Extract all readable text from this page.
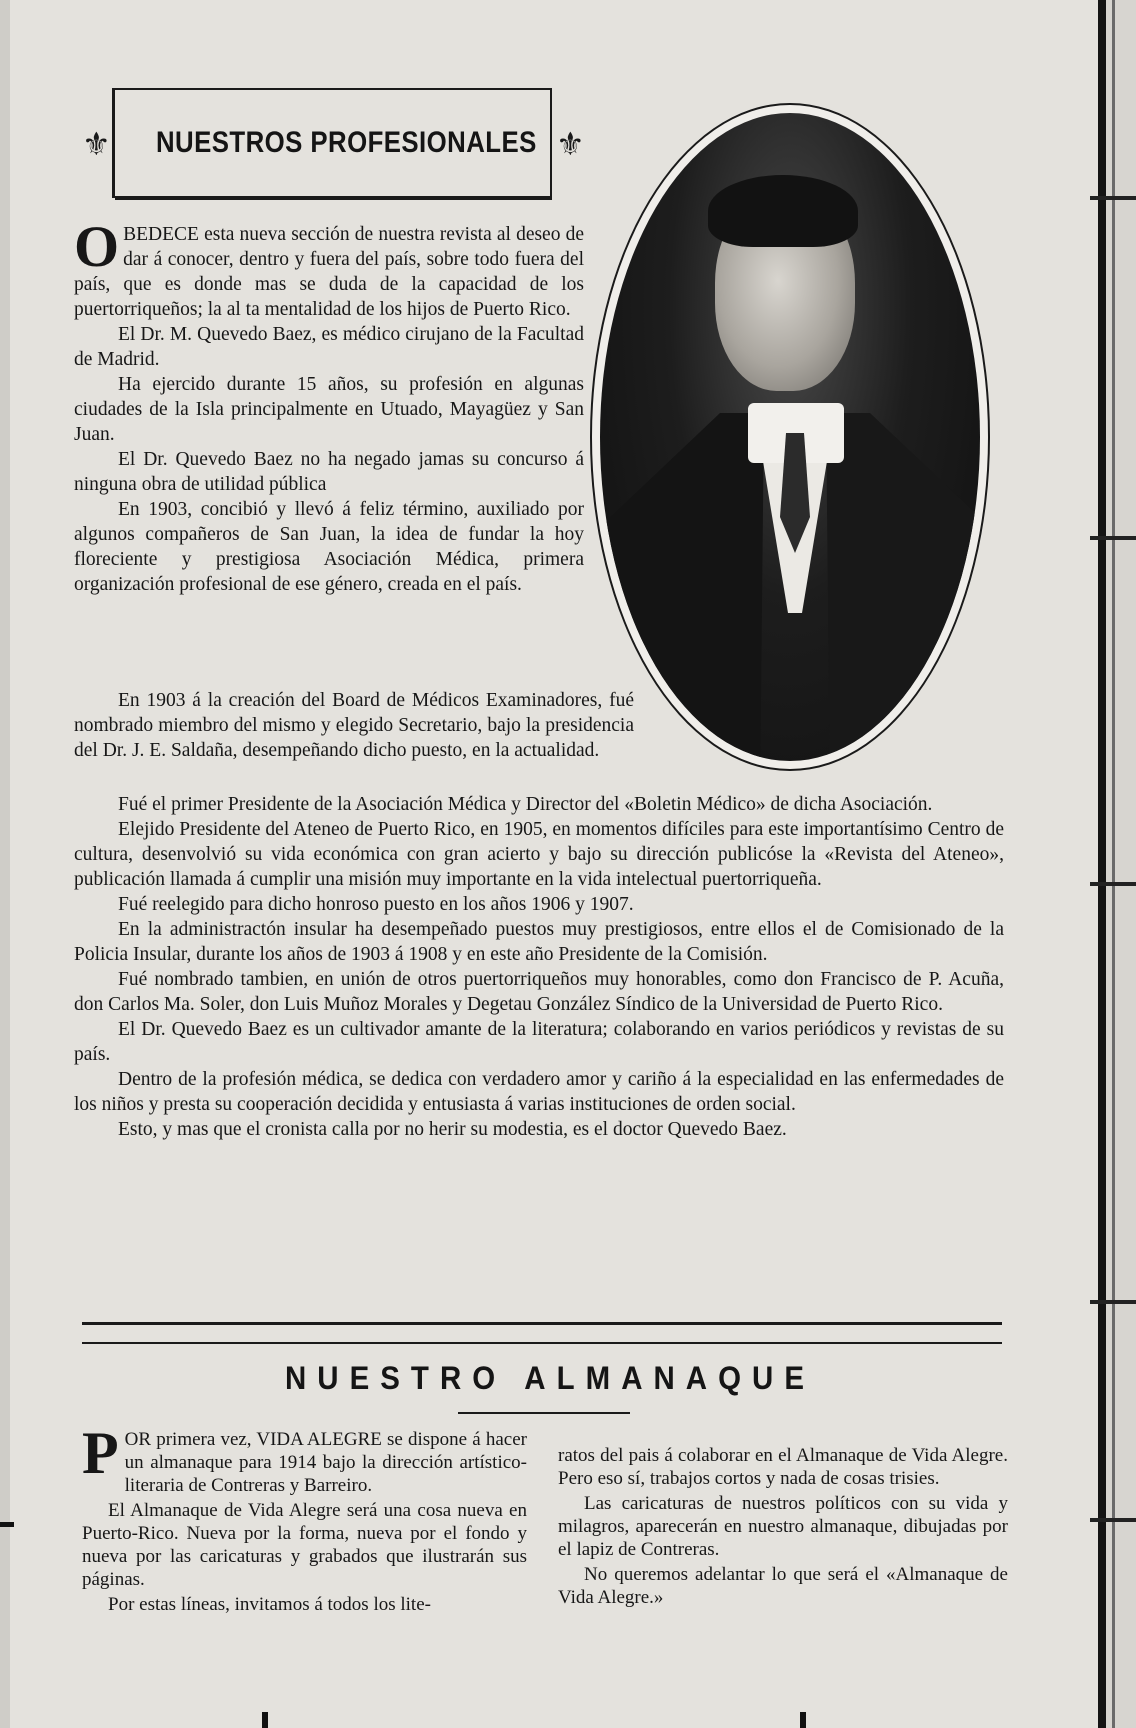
⚜	⚜
NUESTROS PROFESIONALES

OBEDECE esta nueva sección de nuestra revista al deseo de dar á conocer, dentro y fuera del país, sobre todo fuera del país, que es donde mas se duda de la capacidad de los puertorriqueños; la al ta mentalidad de los hijos de Puerto Rico.

El Dr. M. Quevedo Baez, es médico cirujano de la Facultad de Madrid.

Ha ejercido durante 15 años, su profesión en algunas ciudades de la Isla principalmente en Utuado, Mayagüez y San Juan.

El Dr. Quevedo Baez no ha negado jamas su concurso á ninguna obra de utilidad pública

En 1903, concibió y llevó á feliz término, auxiliado por algunos compañeros de San Juan, la idea de fundar la hoy floreciente y prestigiosa Asociación Médica, primera organización profesional de ese género, creada en el país.

En 1903 á la creación del Board de Médicos Examinadores, fué nombrado miembro del mismo y elegido Secretario, bajo la presidencia del Dr. J. E. Saldaña, desempeñando dicho puesto, en la actualidad.

Fué el primer Presidente de la Asociación Médica y Director del «Boletin Médico» de dicha Asociación.

Elejido Presidente del Ateneo de Puerto Rico, en 1905, en momentos difíciles para este importantísimo Centro de cultura, desenvolvió su vida económica con gran acierto y bajo su dirección publicóse la «Revista del Ateneo», publicación llamada á cumplir una misión muy importante en la vida intelectual puertorriqueña.

Fué reelegido para dicho honroso puesto en los años 1906 y 1907.

En la administractón insular ha desempeñado puestos muy prestigiosos, entre ellos el de Comisionado de la Policia Insular, durante los años de 1903 á 1908 y en este año Presidente de la Comisión.

Fué nombrado tambien, en unión de otros puertorriqueños muy honorables, como don Francisco de P. Acuña, don Carlos Ma. Soler, don Luis Muñoz Morales y Degetau González Síndico de la Universidad de Puerto Rico.

El Dr. Quevedo Baez es un cultivador amante de la literatura; colaborando en varios periódicos y revistas de su país.

Dentro de la profesión médica, se dedica con verdadero amor y cariño á la especialidad en las enfermedades de los niños y presta su cooperación decidida y entusiasta á varias instituciones de orden social.

Esto, y mas que el cronista calla por no herir su modestia, es el doctor Quevedo Baez.

NUESTRO ALMANAQUE

POR primera vez, VIDA ALEGRE se dispone á hacer un almanaque para 1914 bajo la dirección artístico-literaria de Contreras y Barreiro.

El Almanaque de Vida Alegre será una cosa nueva en Puerto-Rico. Nueva por la forma, nueva por el fondo y nueva por las caricaturas y grabados que ilustrarán sus páginas.

Por estas líneas, invitamos á todos los lite-

ratos del pais á colaborar en el Almanaque de Vida Alegre. Pero eso sí, trabajos cortos y nada de cosas trisies.

Las caricaturas de nuestros políticos con su vida y milagros, aparecerán en nuestro almanaque, dibujadas por el lapiz de Contreras.

No queremos adelantar lo que será el «Almanaque de Vida Alegre.»
